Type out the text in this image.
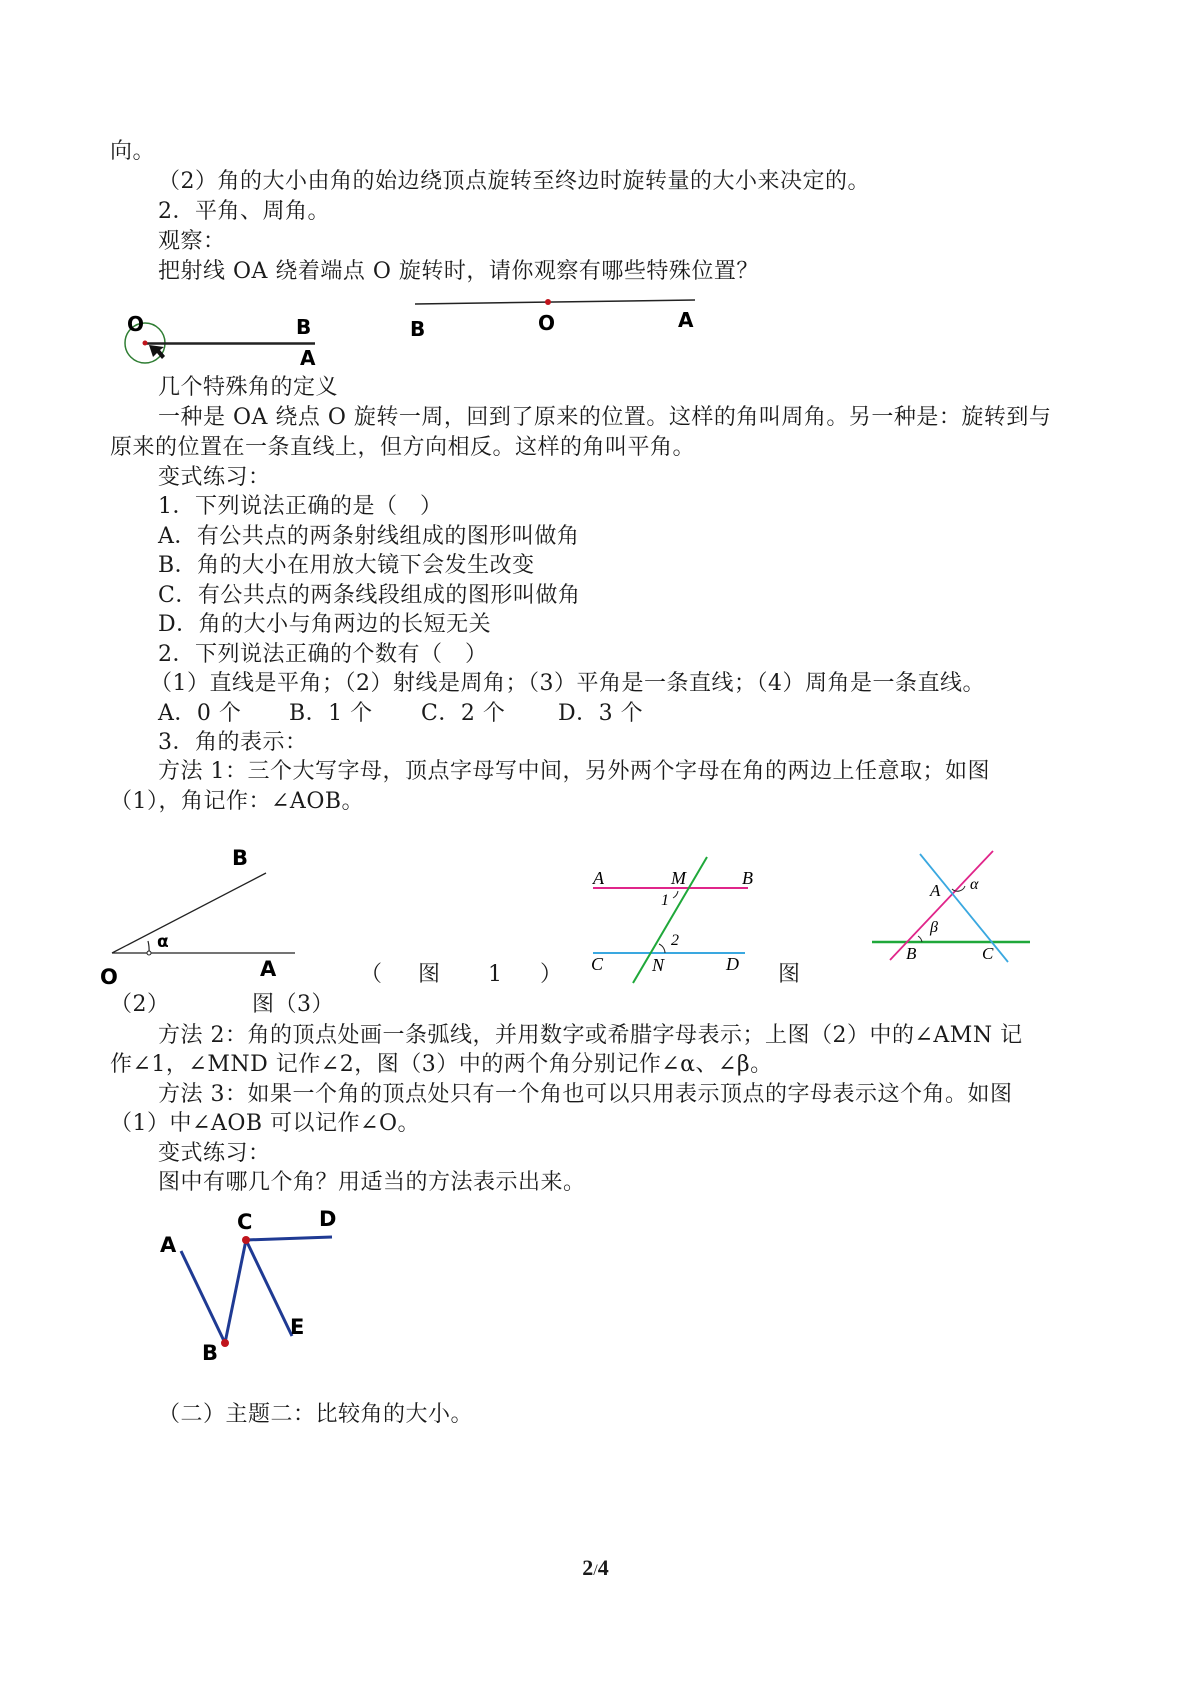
向。
（2）角的大小由角的始边绕顶点旋转至终边时旋转量的大小来决定的。
2．平角、周角。
观察：
把射线 OA 绕着端点 O 旋转时，请你观察有哪些特殊位置？
O	B
A
B	O	A
几个特殊角的定义
一种是 OA 绕点 O 旋转一周，回到了原来的位置。这样的角叫周角。另一种是：旋转到与
原来的位置在一条直线上，但方向相反。这样的角叫平角。
变式练习：
1．下列说法正确的是（　）
A．有公共点的两条射线组成的图形叫做角
B．角的大小在用放大镜下会发生改变
C．有公共点的两条线段组成的图形叫做角
D．角的大小与角两边的长短无关
2．下列说法正确的个数有（　）
（1）直线是平角；（2）射线是周角；（3）平角是一条直线；（4）周角是一条直线。
A．0 个 B．1 个 C．2 个 D．3 个
3．角的表示：
方法 1：三个大写字母，顶点字母写中间，另外两个字母在角的两边上任意取；如图
（1），角记作：∠AOB。
B
α
O	A	（ 图 1 ）
A	M	B
1
2
C	N	D 图
A α
β
B	C
（2）	图（3）
方法 2：角的顶点处画一条弧线，并用数字或希腊字母表示；上图（2）中的∠AMN 记
作∠1，∠MND 记作∠2，图（3）中的两个角分别记作∠α、∠β。
方法 3：如果一个角的顶点处只有一个角也可以只用表示顶点的字母表示这个角。如图
（1）中∠AOB 可以记作∠O。
变式练习：
图中有哪几个角？用适当的方法表示出来。
A
C	D
B
E
（二）主题二：比较角的大小。
2/4
